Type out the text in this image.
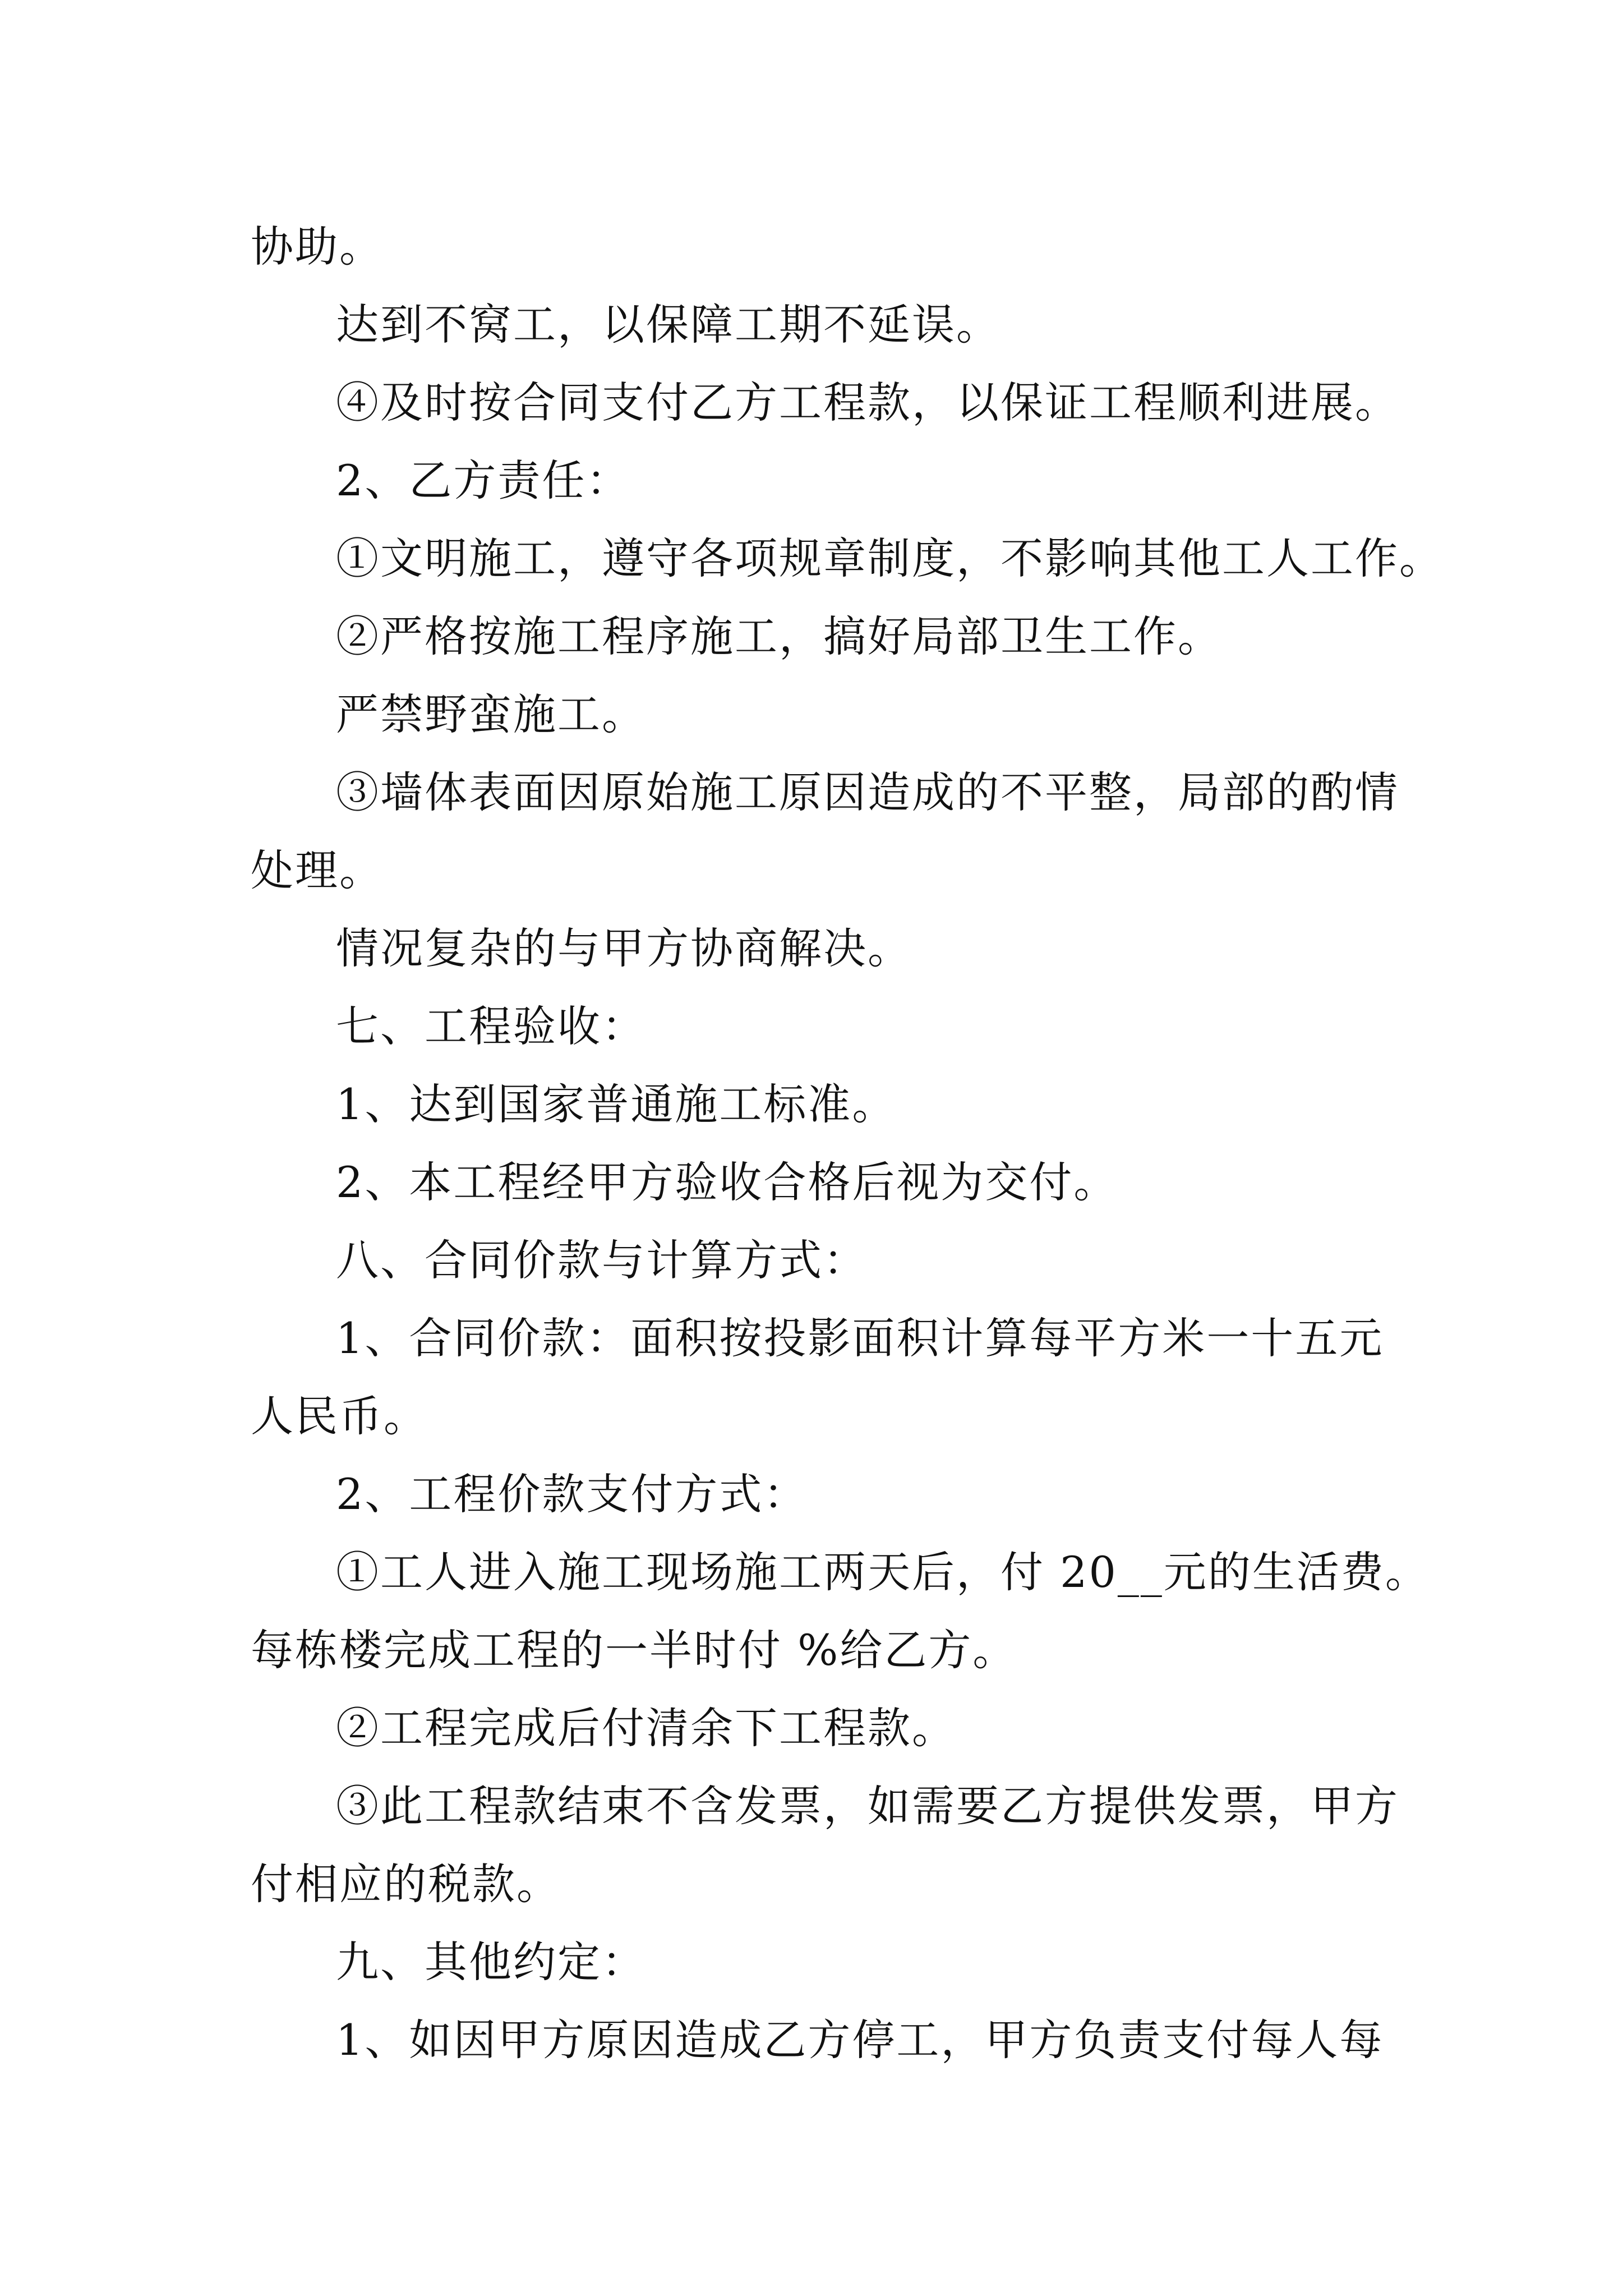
协助。
达到不窝工，以保障工期不延误。
④及时按合同支付乙方工程款，以保证工程顺利进展。
2、乙方责任：
①文明施工，遵守各项规章制度，不影响其他工人工作。
②严格按施工程序施工，搞好局部卫生工作。
严禁野蛮施工。
③墙体表面因原始施工原因造成的不平整，局部的酌情
处理。
情况复杂的与甲方协商解决。
七、工程验收：
1、达到国家普通施工标准。
2、本工程经甲方验收合格后视为交付。
八、合同价款与计算方式：
1、合同价款：面积按投影面积计算每平方米一十五元
人民币。
2、工程价款支付方式：
①工人进入施工现场施工两天后，付 20__元的生活费。
每栋楼完成工程的一半时付 %给乙方。
②工程完成后付清余下工程款。
③此工程款结束不含发票，如需要乙方提供发票，甲方
付相应的税款。
九、其他约定：
1、如因甲方原因造成乙方停工，甲方负责支付每人每
